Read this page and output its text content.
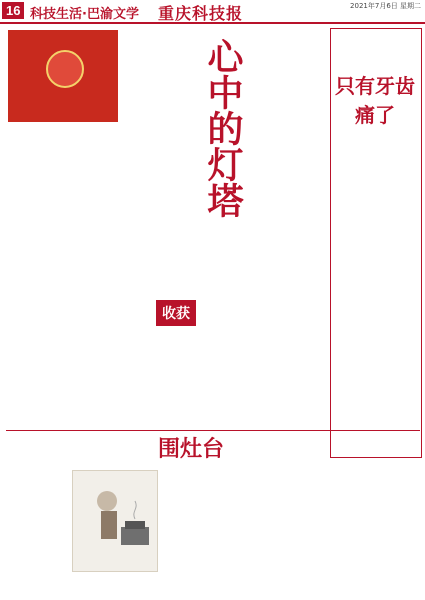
16 科技生活·巴渝文学 重庆科技报	2021年7月6日 星期二
心中的灯塔

收获

只有牙齿痛了

围灶台
